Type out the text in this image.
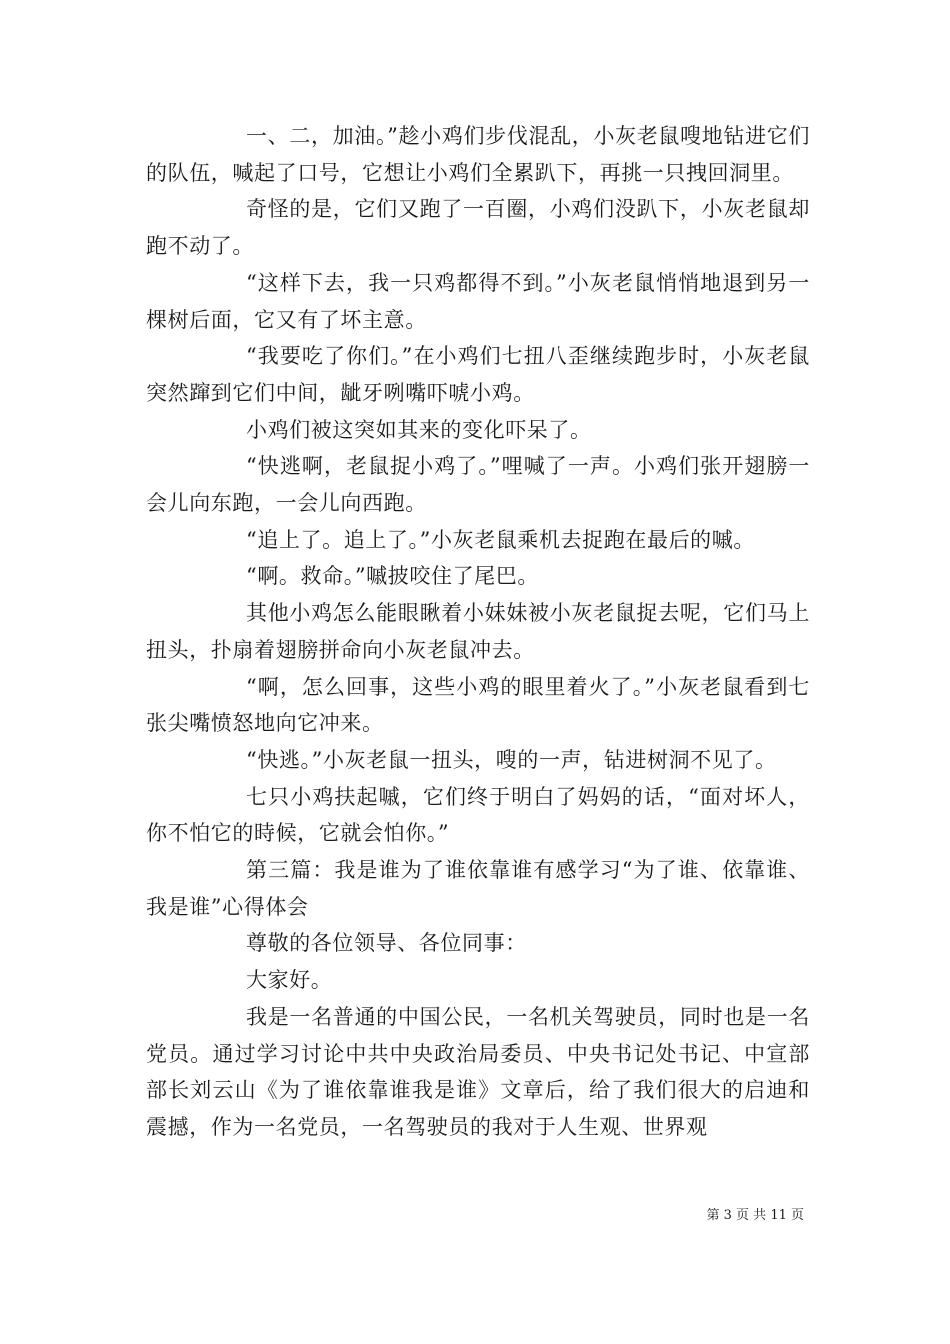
一、二，加油。”趁小鸡们步伐混乱，小灰老鼠嗖地钻进它们的队伍，喊起了口号，它想让小鸡们全累趴下，再挑一只拽回洞里。

奇怪的是，它们又跑了一百圈，小鸡们没趴下，小灰老鼠却跑不动了。

“这样下去，我一只鸡都得不到。”小灰老鼠悄悄地退到另一棵树后面，它又有了坏主意。

“我要吃了你们。”在小鸡们七扭八歪继续跑步时，小灰老鼠突然蹿到它们中间，龇牙咧嘴吓唬小鸡。

小鸡们被这突如其来的变化吓呆了。

“快逃啊，老鼠捉小鸡了。”哩喊了一声。小鸡们张开翅膀一会儿向东跑，一会儿向西跑。

“追上了。追上了。”小灰老鼠乘机去捉跑在最后的嘁。

“啊。救命。”嘁披咬住了尾巴。

其他小鸡怎么能眼瞅着小妹妹被小灰老鼠捉去呢，它们马上扭头，扑扇着翅膀拼命向小灰老鼠冲去。

“啊，怎么回事，这些小鸡的眼里着火了。”小灰老鼠看到七张尖嘴愤怒地向它冲来。

“快逃。”小灰老鼠一扭头，嗖的一声，钻进树洞不见了。

七只小鸡扶起嘁，它们终于明白了妈妈的话，“面对坏人，你不怕它的時候，它就会怕你。”

第三篇：我是谁为了谁依靠谁有感学习“为了谁、依靠谁、我是谁”心得体会

尊敬的各位领导、各位同事：

大家好。

我是一名普通的中国公民，一名机关驾驶员，同时也是一名党员。通过学习讨论中共中央政治局委员、中央书记处书记、中宣部部长刘云山《为了谁依靠谁我是谁》文章后，给了我们很大的启迪和震撼，作为一名党员，一名驾驶员的我对于人生观、世界观

第 3 页 共 11 页
